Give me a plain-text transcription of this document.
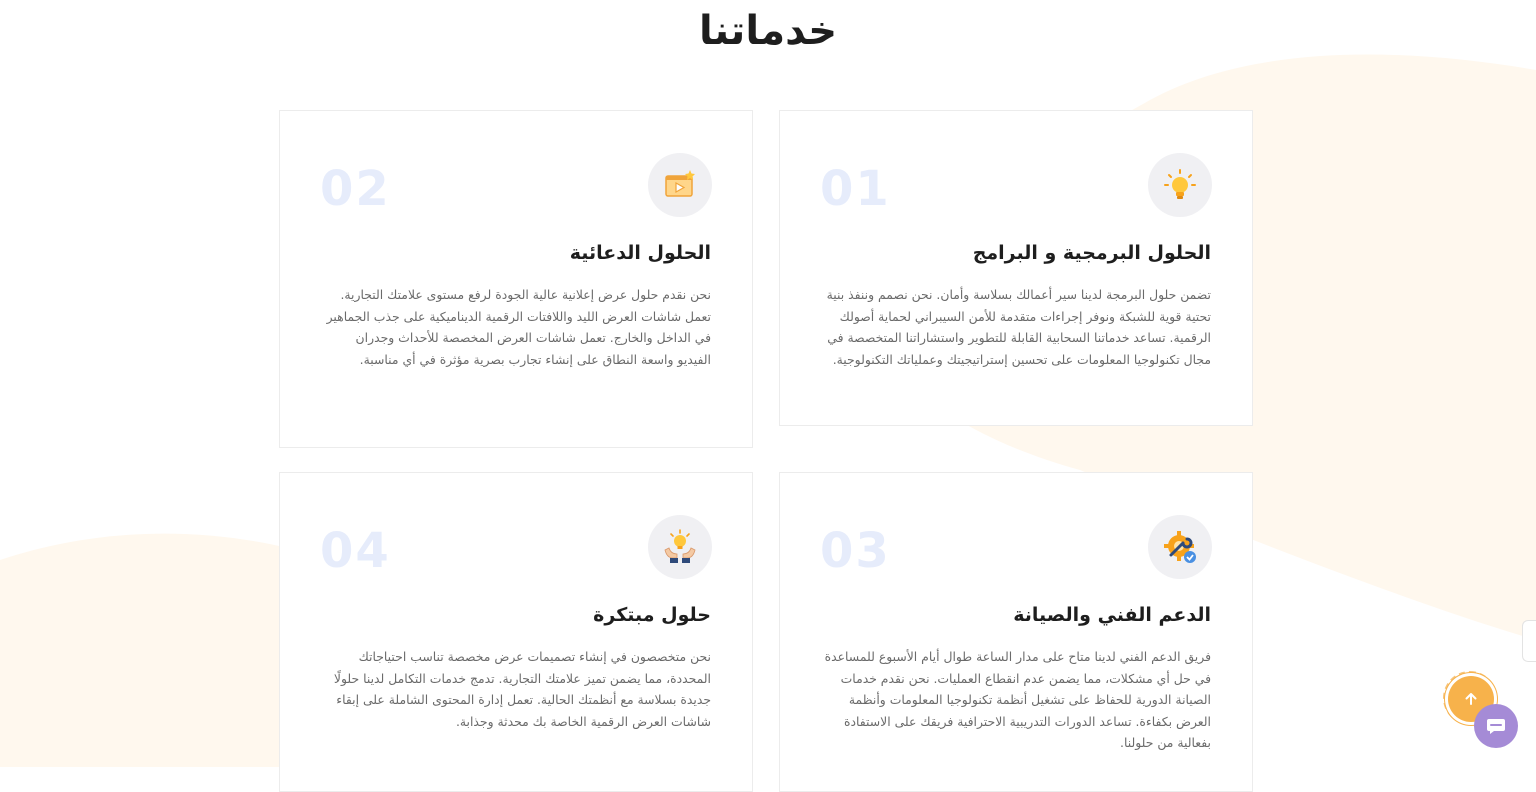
خدماتنا
01
الحلول البرمجية و البرامج

تضمن حلول البرمجة لدينا سير أعمالك بسلاسة وأمان. نحن نصمم وننفذ بنية تحتية قوية للشبكة ونوفر إجراءات متقدمة للأمن السيبراني لحماية أصولك الرقمية. تساعد خدماتنا السحابية القابلة للتطوير واستشاراتنا المتخصصة في مجال تكنولوجيا المعلومات على تحسين إستراتيجيتك وعملياتك التكنولوجية.

02
الحلول الدعائية

نحن نقدم حلول عرض إعلانية عالية الجودة لرفع مستوى علامتك التجارية. تعمل شاشات العرض الليد واللافتات الرقمية الديناميكية على جذب الجماهير في الداخل والخارج. تعمل شاشات العرض المخصصة للأحداث وجدران الفيديو واسعة النطاق على إنشاء تجارب بصرية مؤثرة في أي مناسبة.

03
الدعم الفني والصيانة

فريق الدعم الفني لدينا متاح على مدار الساعة طوال أيام الأسبوع للمساعدة في حل أي مشكلات، مما يضمن عدم انقطاع العمليات. نحن نقدم خدمات الصيانة الدورية للحفاظ على تشغيل أنظمة تكنولوجيا المعلومات وأنظمة العرض بكفاءة. تساعد الدورات التدريبية الاحترافية فريقك على الاستفادة بفعالية من حلولنا.

04
حلول مبتكرة

نحن متخصصون في إنشاء تصميمات عرض مخصصة تناسب احتياجاتك المحددة، مما يضمن تميز علامتك التجارية. تدمج خدمات التكامل لدينا حلولًا جديدة بسلاسة مع أنظمتك الحالية. تعمل إدارة المحتوى الشاملة على إبقاء شاشات العرض الرقمية الخاصة بك محدثة وجذابة.
